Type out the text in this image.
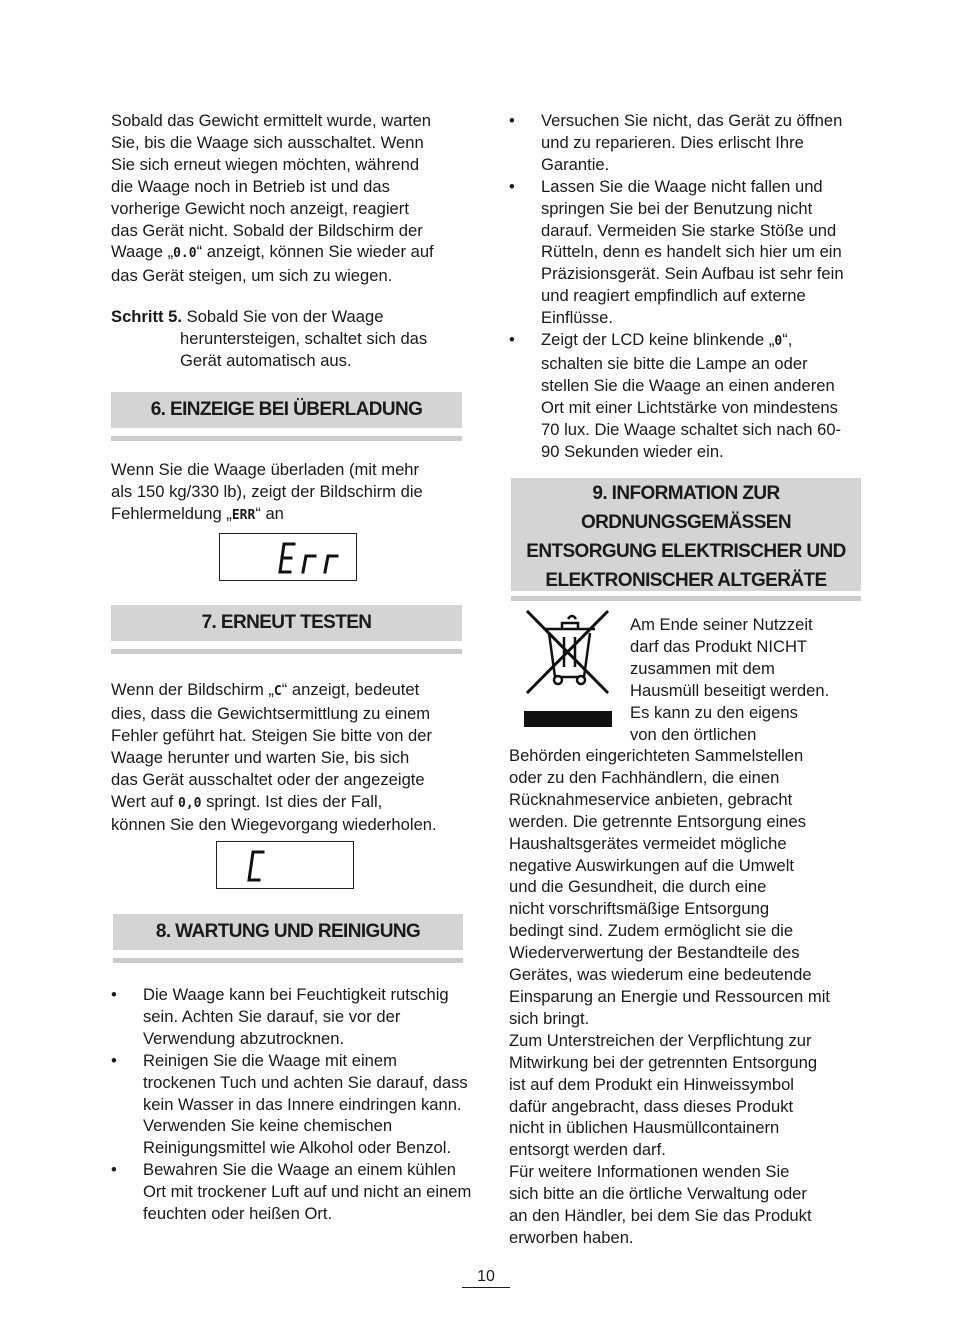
Sobald das Gewicht ermittelt wurde, warten
Sie, bis die Waage sich ausschaltet. Wenn
Sie sich erneut wiegen möchten, während
die Waage noch in Betrieb ist und das
vorherige Gewicht noch anzeigt, reagiert
das Gerät nicht. Sobald der Bildschirm der
Waage „0.0“ anzeigt, können Sie wieder auf
das Gerät steigen, um sich zu wiegen.
Schritt 5. Sobald Sie von der Waage
heruntersteigen, schaltet sich das
Gerät automatisch aus.
6. EINZEIGE BEI ÜBERLADUNG
Wenn Sie die Waage überladen (mit mehr
als 150 kg/330 lb), zeigt der Bildschirm die
Fehlermeldung „ERR“ an
7. ERNEUT TESTEN
Wenn der Bildschirm „C“ anzeigt, bedeutet
dies, dass die Gewichtsermittlung zu einem
Fehler geführt hat. Steigen Sie bitte von der
Waage herunter und warten Sie, bis sich
das Gerät ausschaltet oder der angezeigte
Wert auf 0,0 springt. Ist dies der Fall,
können Sie den Wiegevorgang wiederholen.
8. WARTUNG UND REINIGUNG
• Die Waage kann bei Feuchtigkeit rutschig sein. Achten Sie darauf, sie vor der Verwendung abzutrocknen.
• Reinigen Sie die Waage mit einem trockenen Tuch und achten Sie darauf, dass kein Wasser in das Innere eindringen kann. Verwenden Sie keine chemischen Reinigungsmittel wie Alkohol oder Benzol.
• Bewahren Sie die Waage an einem kühlen Ort mit trockener Luft auf und nicht an einem feuchten oder heißen Ort.
• Versuchen Sie nicht, das Gerät zu öffnen und zu reparieren. Dies erlischt Ihre Garantie.
• Lassen Sie die Waage nicht fallen und springen Sie bei der Benutzung nicht darauf. Vermeiden Sie starke Stöße und Rütteln, denn es handelt sich hier um ein Präzisionsgerät. Sein Aufbau ist sehr fein und reagiert empfindlich auf externe Einflüsse.
• Zeigt der LCD keine blinkende „0“, schalten sie bitte die Lampe an oder stellen Sie die Waage an einen anderen Ort mit einer Lichtstärke von mindestens 70 lux. Die Waage schaltet sich nach 60-90 Sekunden wieder ein.
9. INFORMATION ZUR
ORDNUNGSGEMÄSSEN
ENTSORGUNG ELEKTRISCHER UND
ELEKTRONISCHER ALTGERÄTE
Am Ende seiner Nutzzeit
darf das Produkt NICHT
zusammen mit dem
Hausmüll beseitigt werden.
Es kann zu den eigens
von den örtlichen
Behörden eingerichteten Sammelstellen
oder zu den Fachhändlern, die einen
Rücknahmeservice anbieten, gebracht
werden. Die getrennte Entsorgung eines
Haushaltsgerätes vermeidet mögliche
negative Auswirkungen auf die Umwelt
und die Gesundheit, die durch eine
nicht vorschriftsmäßige Entsorgung
bedingt sind. Zudem ermöglicht sie die
Wiederverwertung der Bestandteile des
Gerätes, was wiederum eine bedeutende
Einsparung an Energie und Ressourcen mit
sich bringt.
Zum Unterstreichen der Verpflichtung zur
Mitwirkung bei der getrennten Entsorgung
ist auf dem Produkt ein Hinweissymbol
dafür angebracht, dass dieses Produkt
nicht in üblichen Hausmüllcontainern
entsorgt werden darf.
Für weitere Informationen wenden Sie
sich bitte an die örtliche Verwaltung oder
an den Händler, bei dem Sie das Produkt
erworben haben.
10
